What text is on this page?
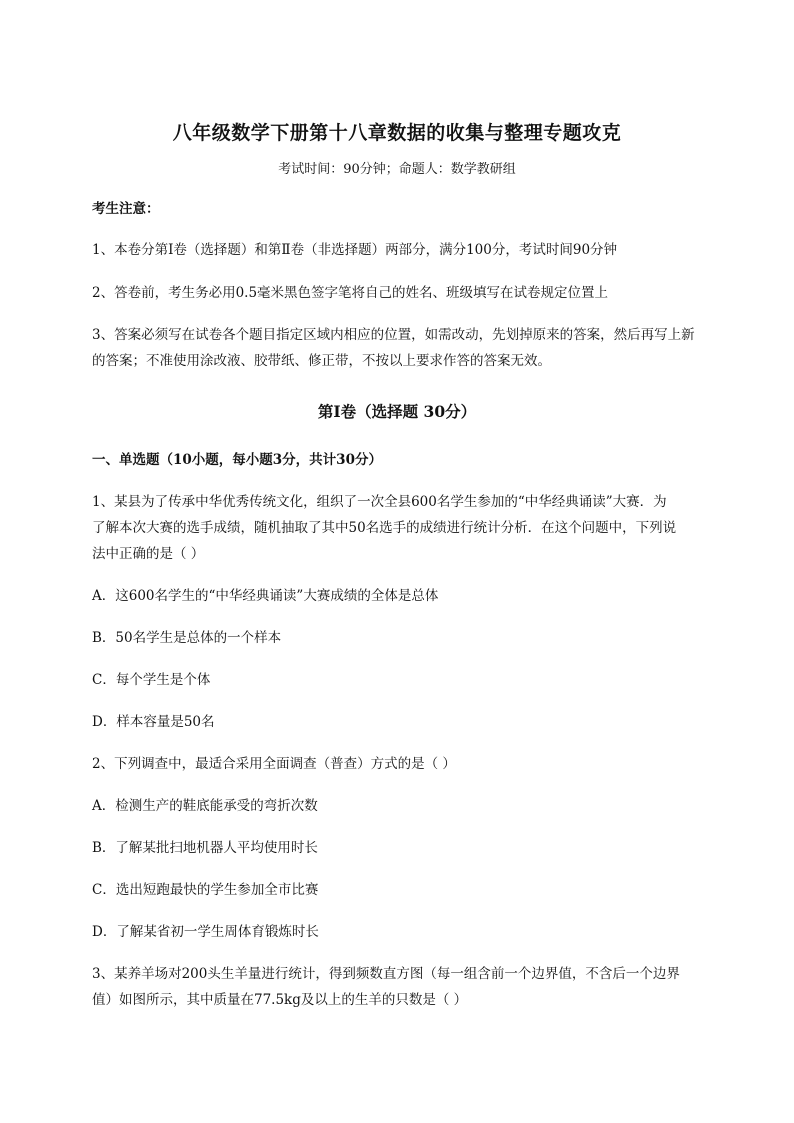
八年级数学下册第十八章数据的收集与整理专题攻克
考试时间：90分钟；命题人：数学教研组
考生注意：
1、本卷分第I卷（选择题）和第Ⅱ卷（非选择题）两部分，满分100分，考试时间90分钟
2、答卷前，考生务必用0.5毫米黑色签字笔将自己的姓名、班级填写在试卷规定位置上
3、答案必须写在试卷各个题目指定区域内相应的位置，如需改动，先划掉原来的答案，然后再写上新
的答案；不准使用涂改液、胶带纸、修正带，不按以上要求作答的答案无效。
第I卷（选择题 30分）
一、单选题（10小题，每小题3分，共计30分）
1、某县为了传承中华优秀传统文化，组织了一次全县600名学生参加的“中华经典诵读”大赛．为
了解本次大赛的选手成绩，随机抽取了其中50名选手的成绩进行统计分析．在这个问题中，下列说
法中正确的是（ ）
A．这600名学生的“中华经典诵读”大赛成绩的全体是总体
B．50名学生是总体的一个样本
C．每个学生是个体
D．样本容量是50名
2、下列调查中，最适合采用全面调查（普查）方式的是（ ）
A．检测生产的鞋底能承受的弯折次数
B．了解某批扫地机器人平均使用时长
C．选出短跑最快的学生参加全市比赛
D．了解某省初一学生周体育锻炼时长
3、某养羊场对200头生羊量进行统计，得到频数直方图（每一组含前一个边界值，不含后一个边界
值）如图所示，其中质量在77.5kg及以上的生羊的只数是（ ）
